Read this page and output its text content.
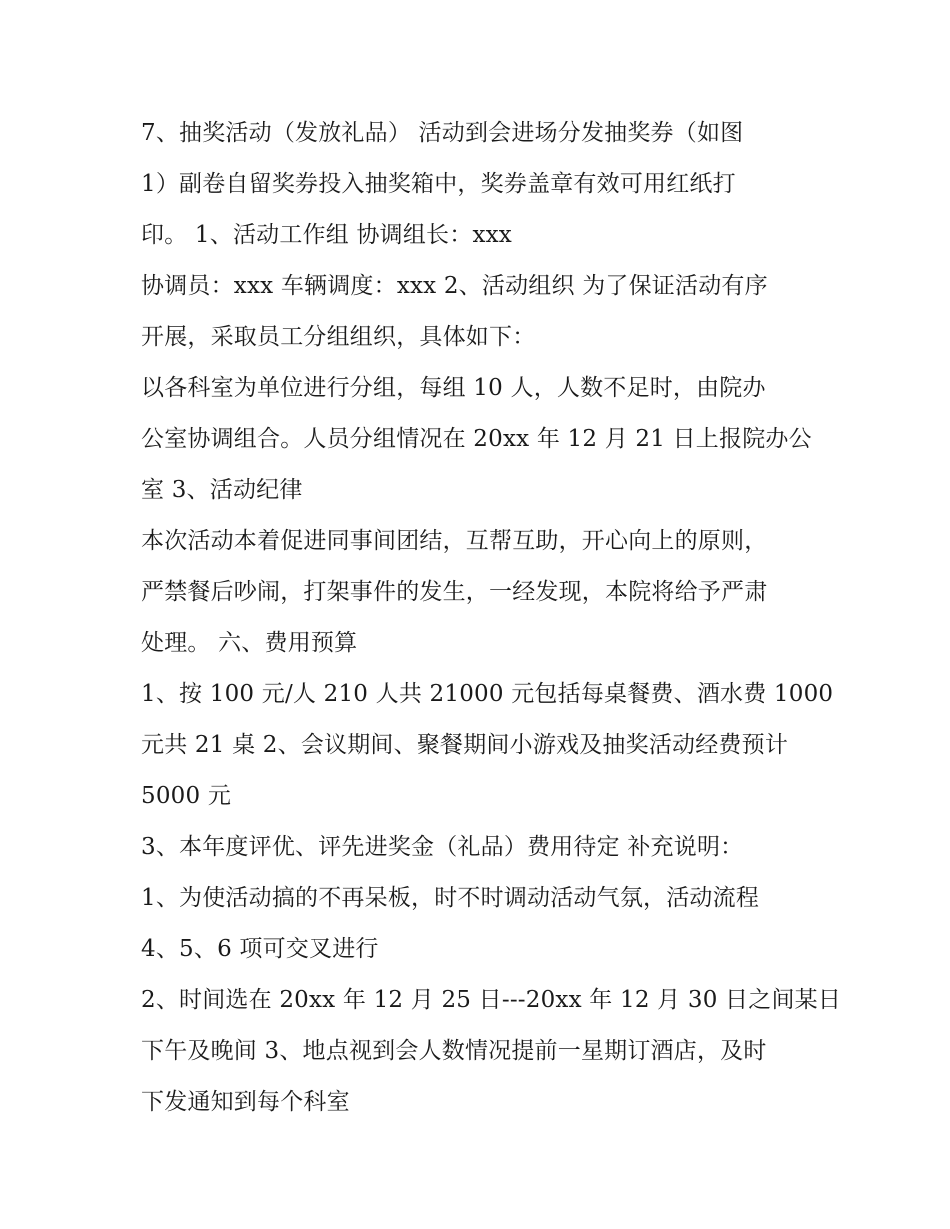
7、抽奖活动（发放礼品） 活动到会进场分发抽奖券（如图
1）副卷自留奖券投入抽奖箱中，奖券盖章有效可用红纸打
印。 1、活动工作组 协调组长：xxx
协调员：xxx 车辆调度：xxx 2、活动组织 为了保证活动有序
开展，采取员工分组组织，具体如下：
以各科室为单位进行分组，每组 10 人，人数不足时，由院办
公室协调组合。人员分组情况在 20xx 年 12 月 21 日上报院办公
室 3、活动纪律
本次活动本着促进同事间团结，互帮互助，开心向上的原则，
严禁餐后吵闹，打架事件的发生，一经发现，本院将给予严肃
处理。 六、费用预算
1、按 100 元/人 210 人共 21000 元包括每桌餐费、酒水费 1000
元共 21 桌 2、会议期间、聚餐期间小游戏及抽奖活动经费预计
5000 元
3、本年度评优、评先进奖金（礼品）费用待定 补充说明：
1、为使活动搞的不再呆板，时不时调动活动气氛，活动流程
4、5、6 项可交叉进行
2、时间选在 20xx 年 12 月 25 日---20xx 年 12 月 30 日之间某日
下午及晚间 3、地点视到会人数情况提前一星期订酒店，及时
下发通知到每个科室
